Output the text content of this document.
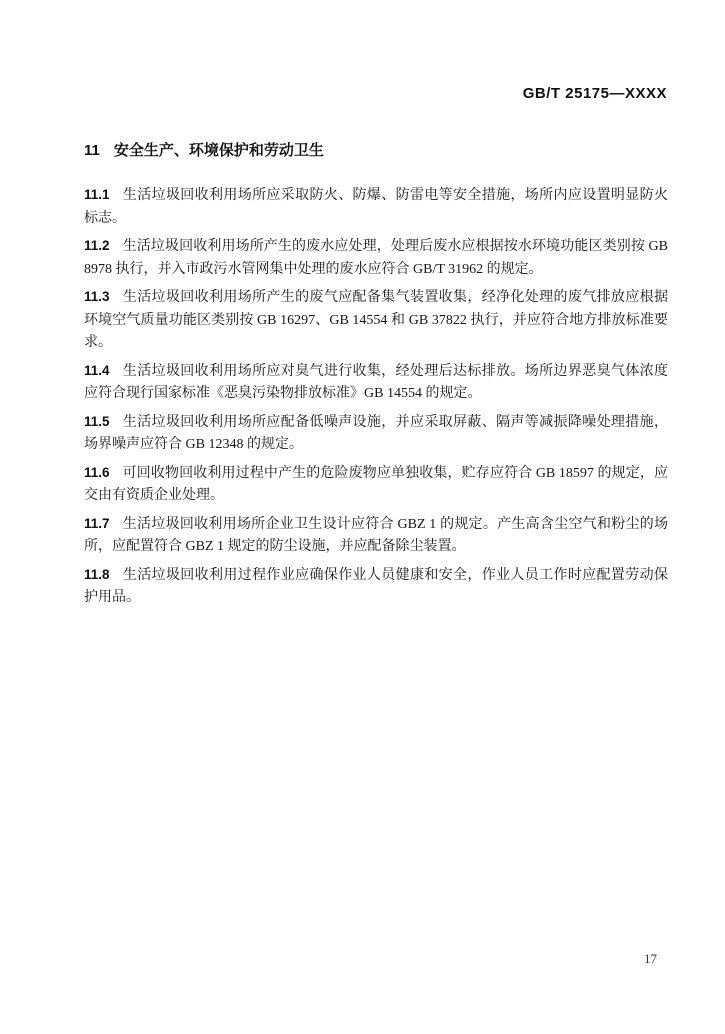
GB/T 25175—XXXX
11 安全生产、环境保护和劳动卫生

11.1 生活垃圾回收利用场所应采取防火、防爆、防雷电等安全措施，场所内应设置明显防火标志。

11.2 生活垃圾回收利用场所产生的废水应处理，处理后废水应根据按水环境功能区类别按 GB 8978 执行，并入市政污水管网集中处理的废水应符合 GB/T 31962 的规定。

11.3 生活垃圾回收利用场所产生的废气应配备集气装置收集，经净化处理的废气排放应根据环境空气质量功能区类别按 GB 16297、GB 14554 和 GB 37822 执行，并应符合地方排放标准要求。

11.4 生活垃圾回收利用场所应对臭气进行收集，经处理后达标排放。场所边界恶臭气体浓度应符合现行国家标准《恶臭污染物排放标准》GB 14554 的规定。

11.5 生活垃圾回收利用场所应配备低噪声设施，并应采取屏蔽、隔声等减振降噪处理措施，场界噪声应符合 GB 12348 的规定。

11.6 可回收物回收利用过程中产生的危险废物应单独收集，贮存应符合 GB 18597 的规定，应交由有资质企业处理。

11.7 生活垃圾回收利用场所企业卫生设计应符合 GBZ 1 的规定。产生高含尘空气和粉尘的场所，应配置符合 GBZ 1 规定的防尘设施，并应配备除尘装置。

11.8 生活垃圾回收利用过程作业应确保作业人员健康和安全，作业人员工作时应配置劳动保护用品。

17
